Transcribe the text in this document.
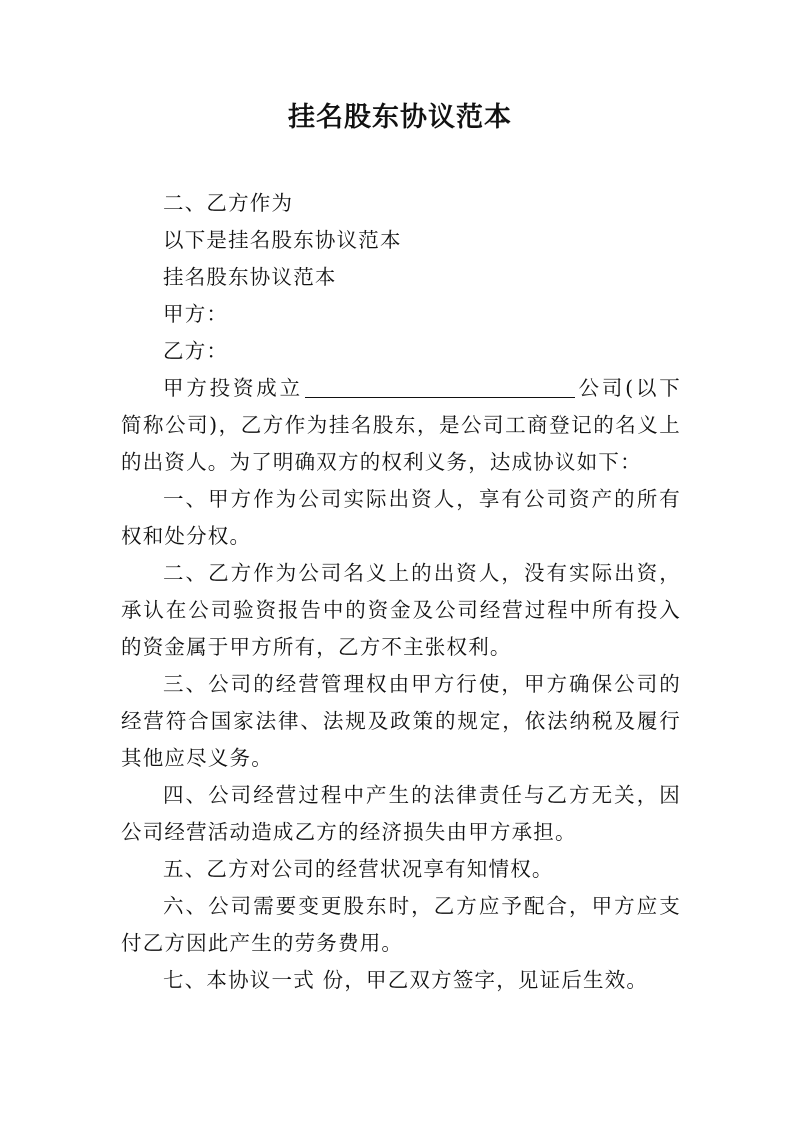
挂名股东协议范本

二、乙方作为

以下是挂名股东协议范本

挂名股东协议范本

甲方：

乙方：

甲方投资成立	公司(以下简称公司)，乙方作为挂名股东，是公司工商登记的名义上的出资人。为了明确双方的权利义务，达成协议如下：

一、甲方作为公司实际出资人，享有公司资产的所有权和处分权。

二、乙方作为公司名义上的出资人，没有实际出资，承认在公司验资报告中的资金及公司经营过程中所有投入的资金属于甲方所有，乙方不主张权利。

三、公司的经营管理权由甲方行使，甲方确保公司的经营符合国家法律、法规及政策的规定，依法纳税及履行其他应尽义务。

四、公司经营过程中产生的法律责任与乙方无关，因公司经营活动造成乙方的经济损失由甲方承担。

五、乙方对公司的经营状况享有知情权。

六、公司需要变更股东时，乙方应予配合，甲方应支付乙方因此产生的劳务费用。

七、本协议一式 份，甲乙双方签字，见证后生效。
